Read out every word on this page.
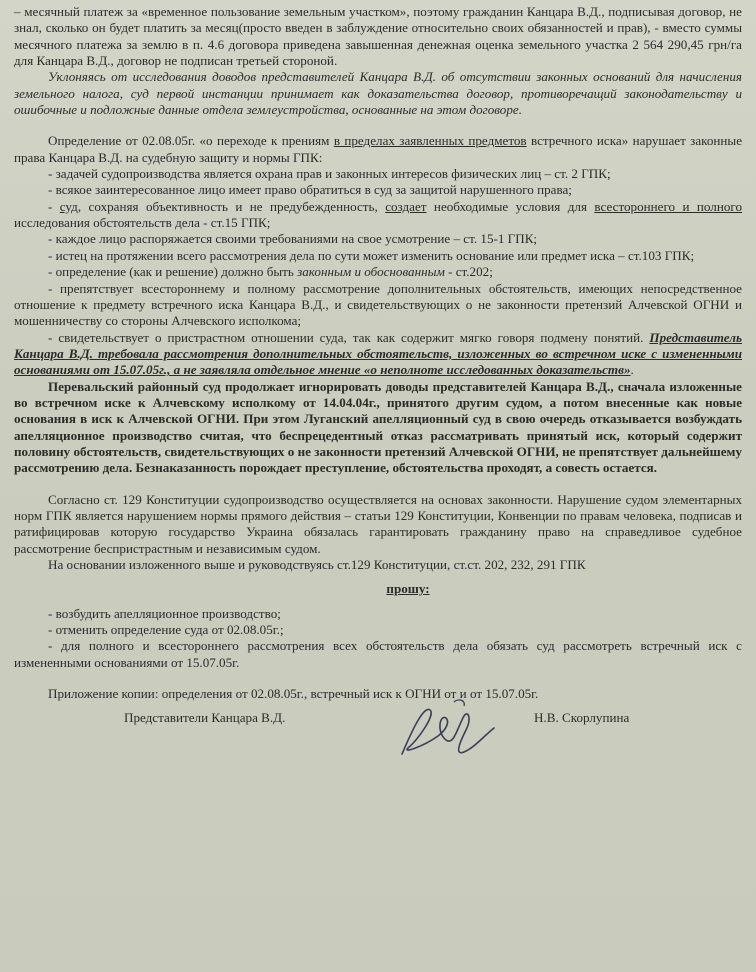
– месячный платеж за «временное пользование земельным участком», поэтому гражданин Канцара В.Д., подписывая договор, не знал, сколько он будет платить за месяц(просто введен в заблуждение относительно своих обязанностей и прав), - вместо суммы месячного платежа за землю в п. 4.6 договора приведена завышенная денежная оценка земельного участка 2 564 290,45 грн/га для Канцара В.Д., договор не подписан третьей стороной.

Уклоняясь от исследования доводов представителей Канцара В.Д. об отсутствии законных оснований для начисления земельного налога, суд первой инстанции принимает как доказательства договор, противоречащий законодательству и ошибочные и подложные данные отдела землеустройства, основанные на этом договоре.

Определение от 02.08.05г. «о переходе к прениям в пределах заявленных предметов встречного иска» нарушает законные права Канцара В.Д. на судебную защиту и нормы ГПК:

- задачей судопроизводства является охрана прав и законных интересов физических лиц – ст. 2 ГПК;

- всякое заинтересованное лицо имеет право обратиться в суд за защитой нарушенного права;

- суд, сохраняя объективность и не предубежденность, создает необходимые условия для всестороннего и полного исследования обстоятельств дела - ст.15 ГПК;

- каждое лицо распоряжается своими требованиями на свое усмотрение – ст. 15-1 ГПК;

- истец на протяжении всего рассмотрения дела по сути может изменить основание или предмет иска – ст.103 ГПК;

- определение (как и решение) должно быть законным и обоснованным - ст.202;

- препятствует всестороннему и полному рассмотрение дополнительных обстоятельств, имеющих непосредственное отношение к предмету встречного иска Канцара В.Д., и свидетельствующих о не законности претензий Алчевской ОГНИ и мошенничеству со стороны Алчевского исполкома;

- свидетельствует о пристрастном отношении суда, так как содержит мягко говоря подмену понятий. Представитель Канцара В.Д. требовала рассмотрения дополнительных обстоятельств, изложенных во встречном иске с измененными основаниями от 15.07.05г., а не заявляла отдельное мнение «о неполноте исследованных доказательств».

Перевальский районный суд продолжает игнорировать доводы представителей Канцара В.Д., сначала изложенные во встречном иске к Алчевскому исполкому от 14.04.04г., принятого другим судом, а потом внесенные как новые основания в иск к Алчевской ОГНИ. При этом Луганский апелляционный суд в свою очередь отказывается возбуждать апелляционное производство считая, что беспрецедентный отказ рассматривать принятый иск, который содержит половину обстоятельств, свидетельствующих о не законности претензий Алчевской ОГНИ, не препятствует дальнейшему рассмотрению дела. Безнаказанность порождает преступление, обстоятельства проходят, а совесть остается.

Согласно ст. 129 Конституции судопроизводство осуществляется на основах законности. Нарушение судом элементарных норм ГПК является нарушением нормы прямого действия – статьи 129 Конституции, Конвенции по правам человека, подписав и ратифицировав которую государство Украина обязалась гарантировать гражданину право на справедливое судебное рассмотрение беспристрастным и независимым судом.

На основании изложенного выше и руководствуясь ст.129 Конституции, ст.ст. 202, 232, 291 ГПК

прошу:

- возбудить апелляционное производство;

- отменить определение суда от 02.08.05г.;

- для полного и всестороннего рассмотрения всех обстоятельств дела обязать суд рассмотреть встречный иск с измененными основаниями от 15.07.05г.

Приложение копии: определения от 02.08.05г., встречный иск к ОГНИ от и от 15.07.05г.

Представители Канцара В.Д.	Н.В. Скорлупина
